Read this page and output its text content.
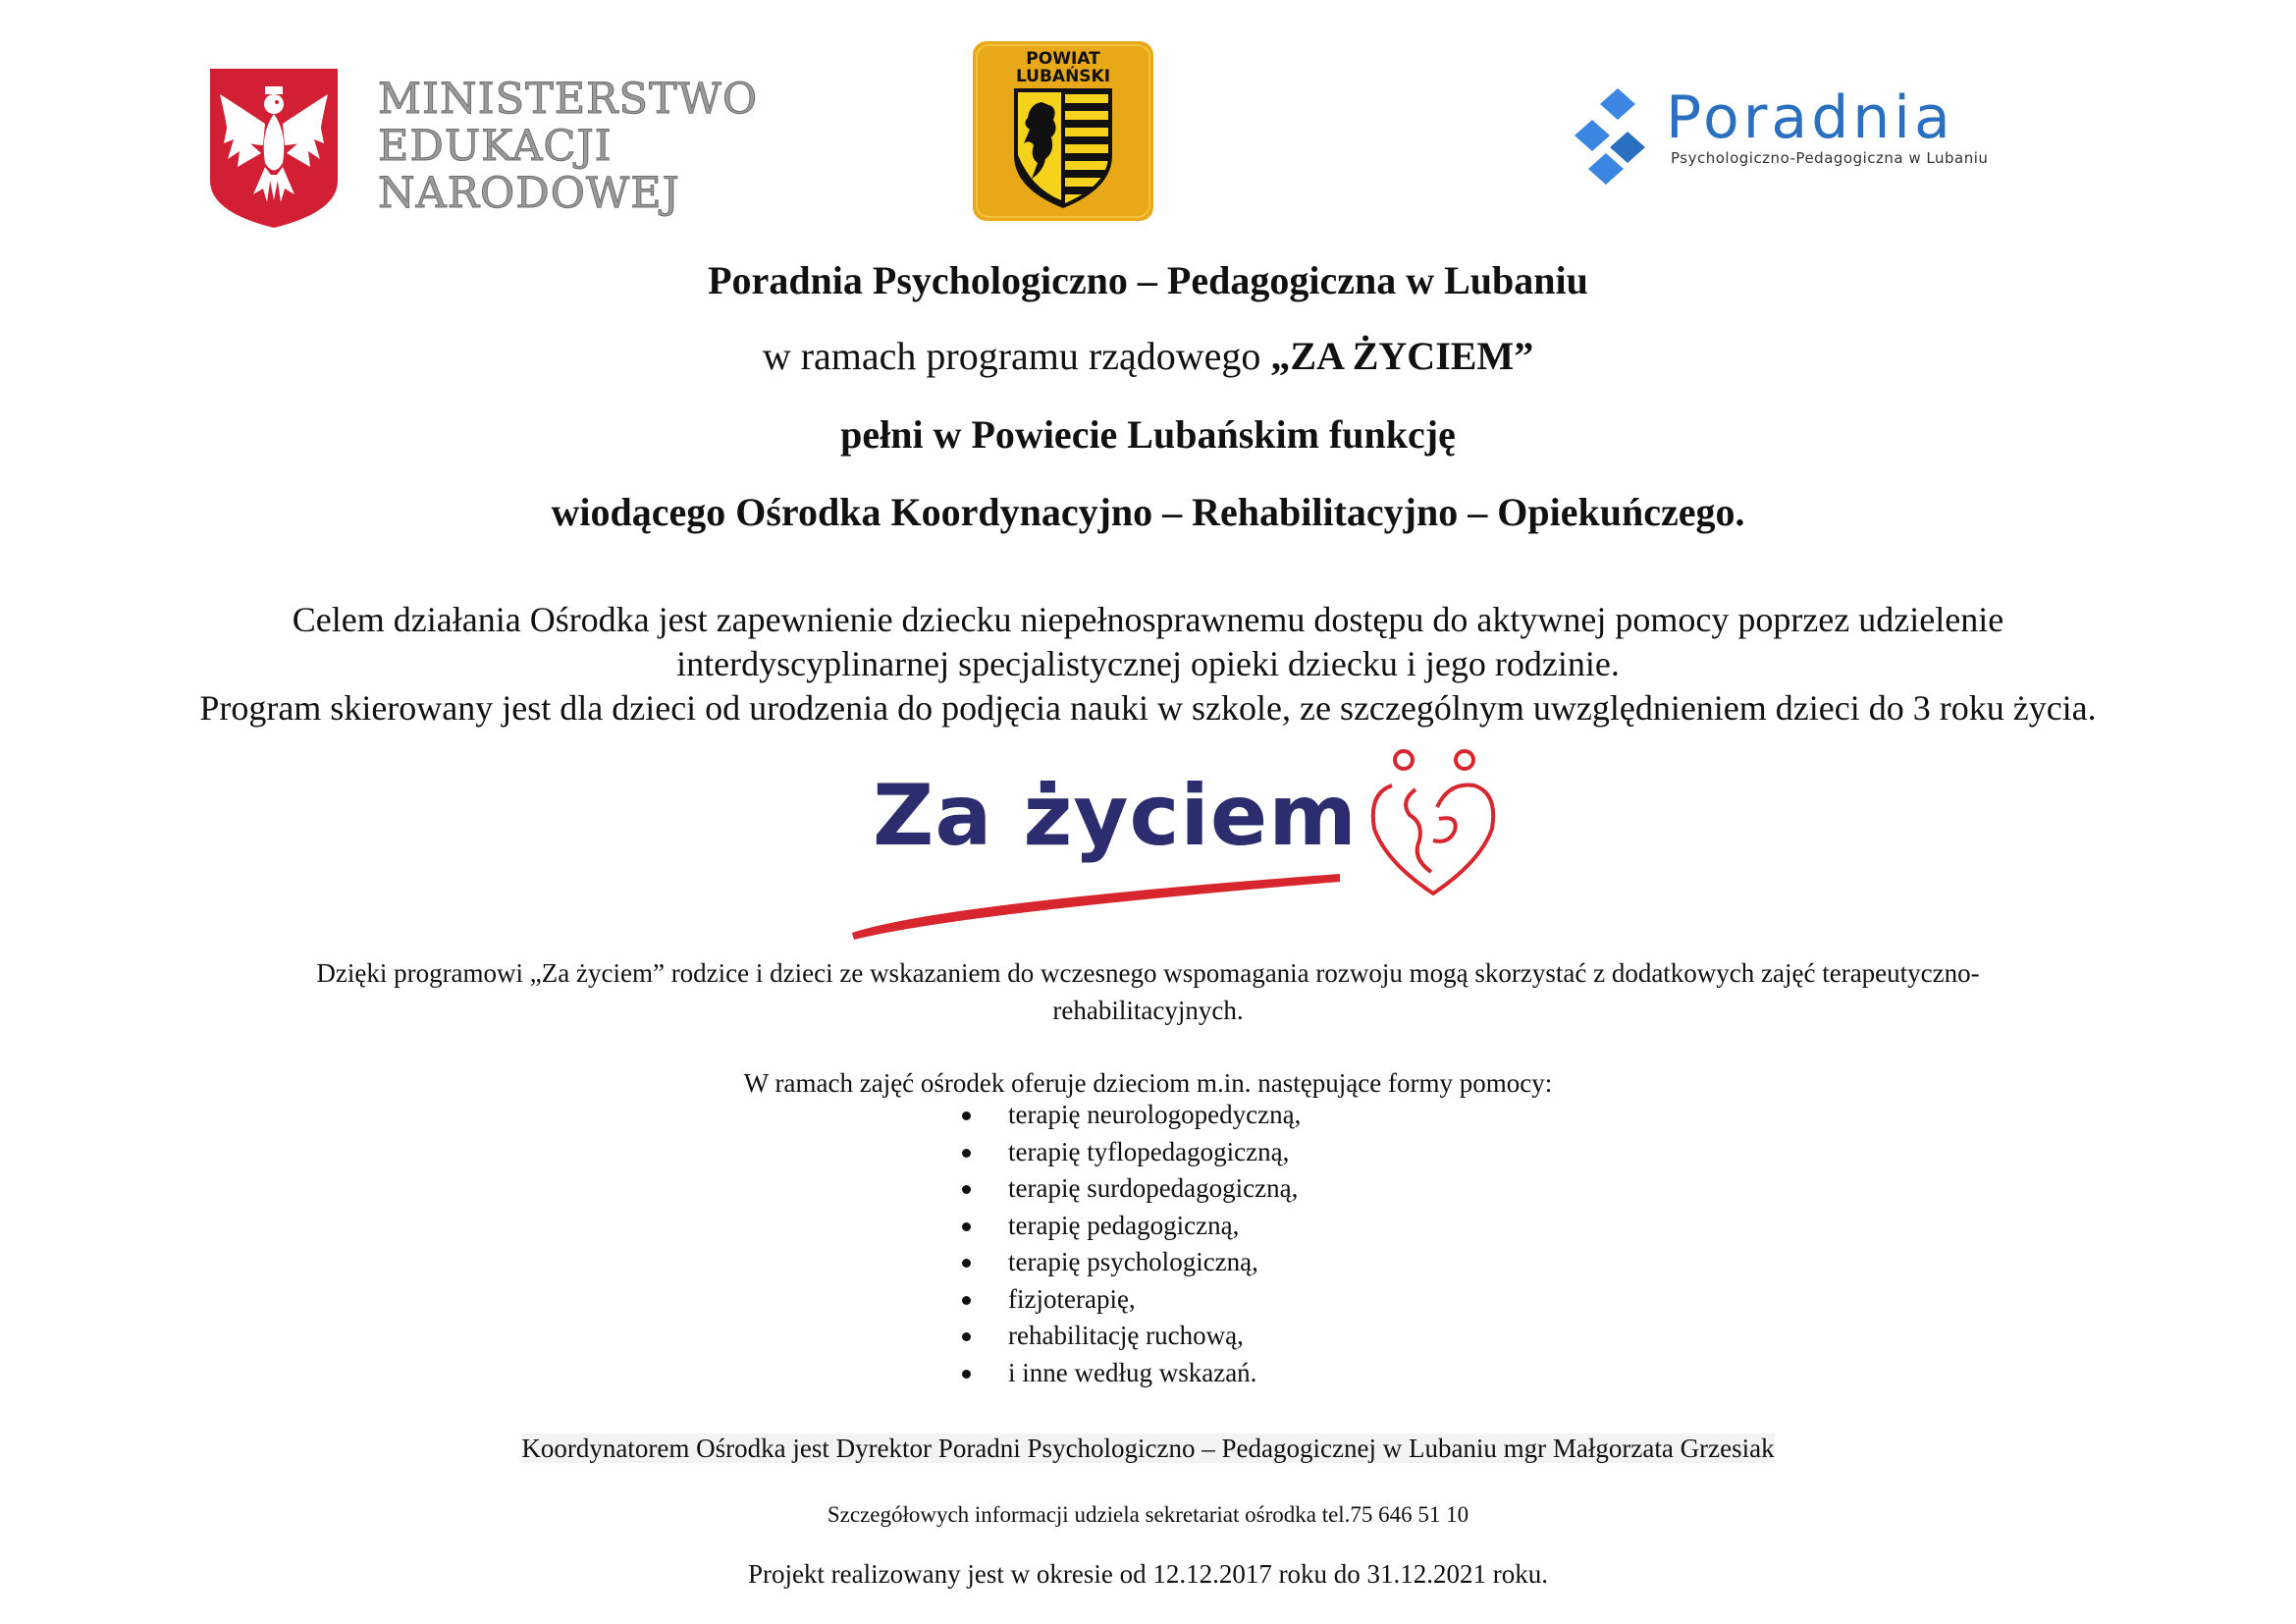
MINISTERSTWO
EDUKACJI
NARODOWEJ
POWIAT
LUBAŃSKI
Poradnia
Psychologiczno-Pedagogiczna w Lubaniu
Poradnia Psychologiczno – Pedagogiczna w Lubaniu
w ramach programu rządowego „ZA ŻYCIEM”
pełni w Powiecie Lubańskim funkcję
wiodącego Ośrodka Koordynacyjno – Rehabilitacyjno – Opiekuńczego.
Celem działania Ośrodka jest zapewnienie dziecku niepełnosprawnemu dostępu do aktywnej pomocy poprzez udzielenie
interdyscyplinarnej specjalistycznej opieki dziecku i jego rodzinie.
Program skierowany jest dla dzieci od urodzenia do podjęcia nauki w szkole, ze szczególnym uwzględnieniem dzieci do 3 roku życia.
Za życiem
Dzięki programowi „Za życiem” rodzice i dzieci ze wskazaniem do wczesnego wspomagania rozwoju mogą skorzystać z dodatkowych zajęć terapeutyczno-
rehabilitacyjnych.
W ramach zajęć ośrodek oferuje dzieciom m.in. następujące formy pomocy:
terapię neurologopedyczną,
terapię tyflopedagogiczną,
terapię surdopedagogiczną,
terapię pedagogiczną,
terapię psychologiczną,
fizjoterapię,
rehabilitację ruchową,
i inne według wskazań.
Koordynatorem Ośrodka jest Dyrektor Poradni Psychologiczno – Pedagogicznej w Lubaniu mgr Małgorzata Grzesiak
Szczegółowych informacji udziela sekretariat ośrodka tel.75 646 51 10
Projekt realizowany jest w okresie od 12.12.2017 roku do 31.12.2021 roku.
